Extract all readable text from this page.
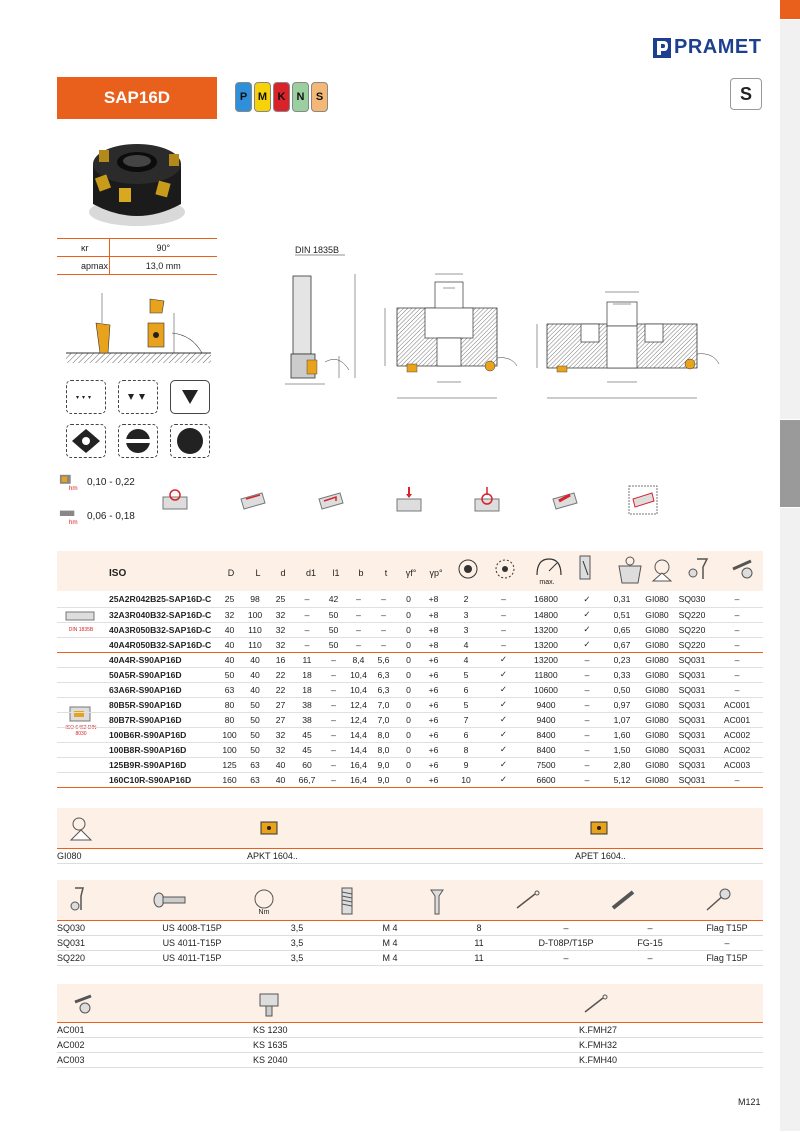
PRAMET
SAP16D	P M K	N	S	S
κr	90°
apmax	13,0 mm
DIN 1835B
hm
0,10 - 0,22
hm
0,06 - 0,18
ISO	D L d d1 l1 b t γf° γp°
max.
DIN 1835B
ISO 6462 DIN 8030
	25A2R042B25-SAP16D-C	25	98	25	–	42	–	–	0	+8	2	–	16800	✓	0,31	GI080	SQ030	–
	32A3R040B32-SAP16D-C	32	100	32	–	50	–	–	0	+8	3	–	14800	✓	0,51	GI080	SQ220	–
	40A3R050B32-SAP16D-C	40	110	32	–	50	–	–	0	+8	3	–	13200	✓	0,65	GI080	SQ220	–
	40A4R050B32-SAP16D-C	40	110	32	–	50	–	–	0	+8	4	–	13200	✓	0,67	GI080	SQ220	–
	40A4R-S90AP16D	40	40	16	11	–	8,4	5,6	0	+6	4	✓	13200	–	0,23	GI080	SQ031	–
	50A5R-S90AP16D	50	40	22	18	–	10,4	6,3	0	+6	5	✓	11800	–	0,33	GI080	SQ031	–
	63A6R-S90AP16D	63	40	22	18	–	10,4	6,3	0	+6	6	✓	10600	–	0,50	GI080	SQ031	–
	80B5R-S90AP16D	80	50	27	38	–	12,4	7,0	0	+6	5	✓	9400	–	0,97	GI080	SQ031	AC001
	80B7R-S90AP16D	80	50	27	38	–	12,4	7,0	0	+6	7	✓	9400	–	1,07	GI080	SQ031	AC001
	100B6R-S90AP16D	100	50	32	45	–	14,4	8,0	0	+6	6	✓	8400	–	1,60	GI080	SQ031	AC002
	100B8R-S90AP16D	100	50	32	45	–	14,4	8,0	0	+6	8	✓	8400	–	1,50	GI080	SQ031	AC002
	125B9R-S90AP16D	125	63	40	60	–	16,4	9,0	0	+6	9	✓	7500	–	2,80	GI080	SQ031	AC003
	160C10R-S90AP16D	160	63	40	66,7	–	16,4	9,0	0	+6	10	✓	6600	–	5,12	GI080	SQ031	–
GI080	APKT 1604..	APET 1604..
Nm
SQ030	US 4008-T15P	3,5	M 4	8	–	–	Flag T15P
SQ031	US 4011-T15P	3,5	M 4	11	D-T08P/T15P	FG-15	–
SQ220	US 4011-T15P	3,5	M 4	11	–	–	Flag T15P
AC001	KS 1230	K.FMH27
AC002	KS 1635	K.FMH32
AC003	KS 2040	K.FMH40
M121
